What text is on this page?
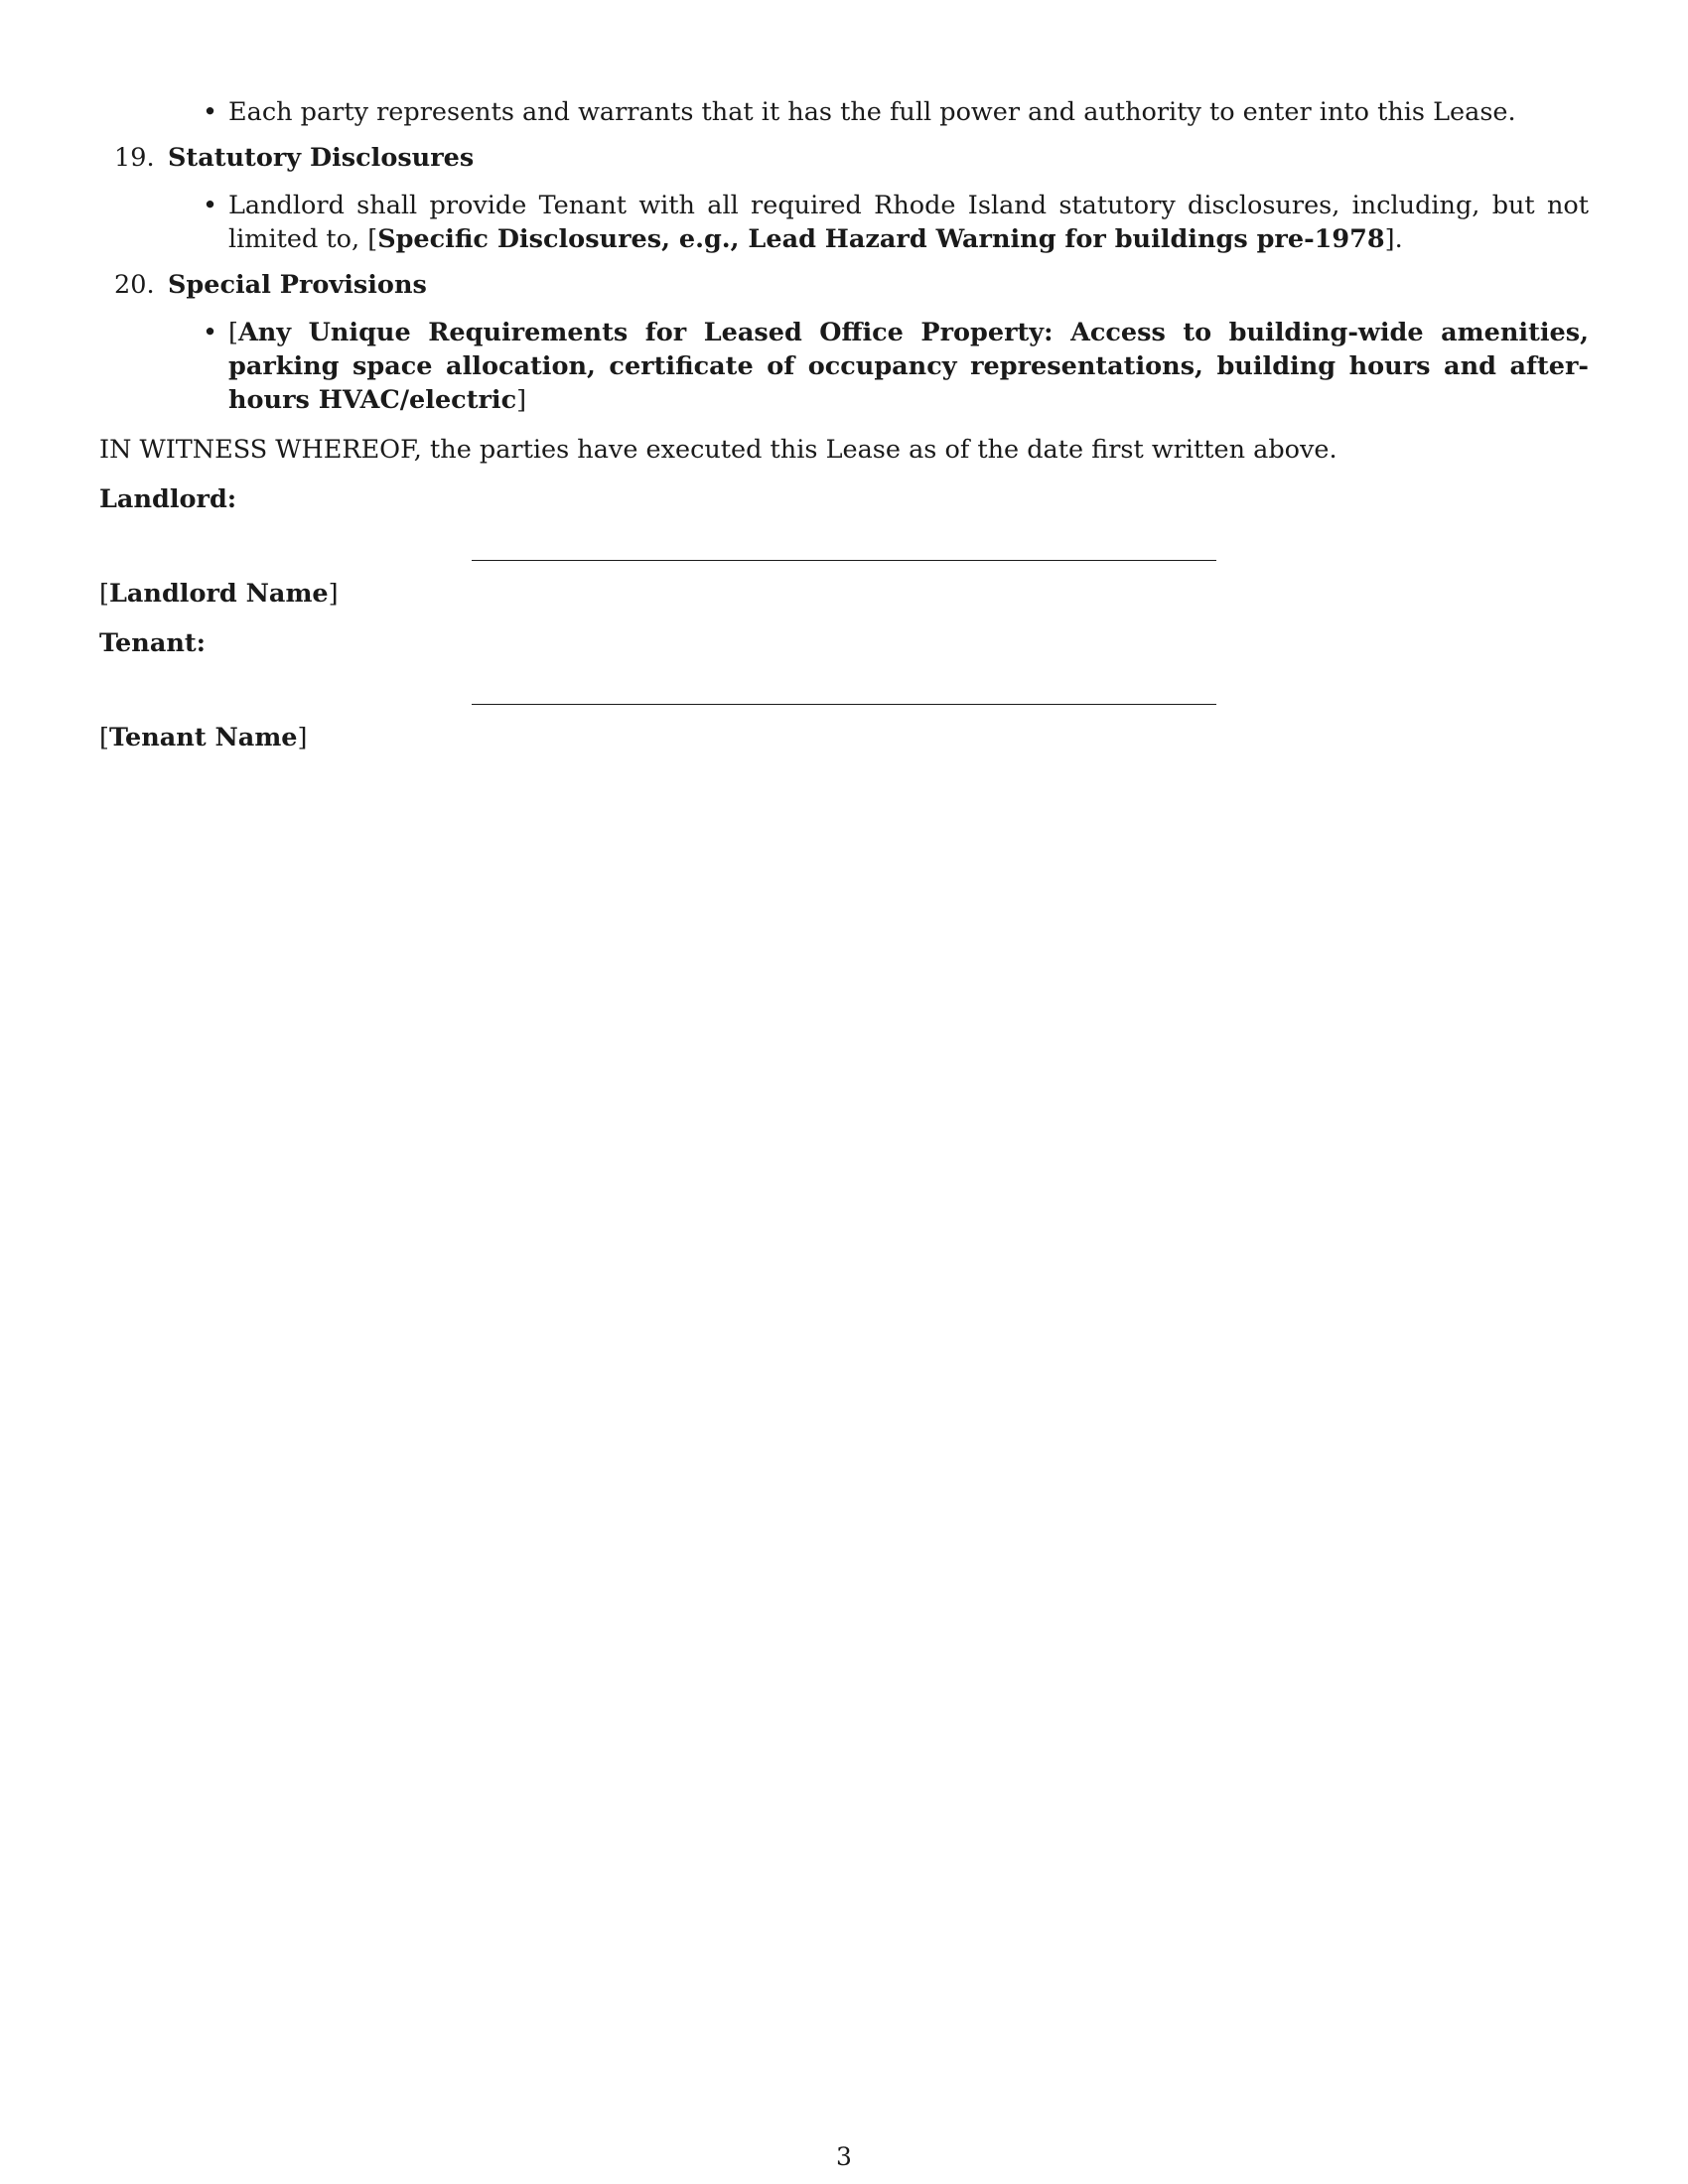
• Each party represents and warrants that it has the full power and authority to enter into this Lease.
19. Statutory Disclosures
• Landlord shall provide Tenant with all required Rhode Island statutory disclosures, including, but not limited to, [Specific Disclosures, e.g., Lead Hazard Warning for buildings pre-1978].
20. Special Provisions
• [Any Unique Requirements for Leased Office Property: Access to building-wide amenities, parking space allocation, certificate of occupancy representations, building hours and after-hours HVAC/electric]
IN WITNESS WHEREOF, the parties have executed this Lease as of the date first written above.
Landlord:
[Landlord Name]
Tenant:
[Tenant Name]
3
